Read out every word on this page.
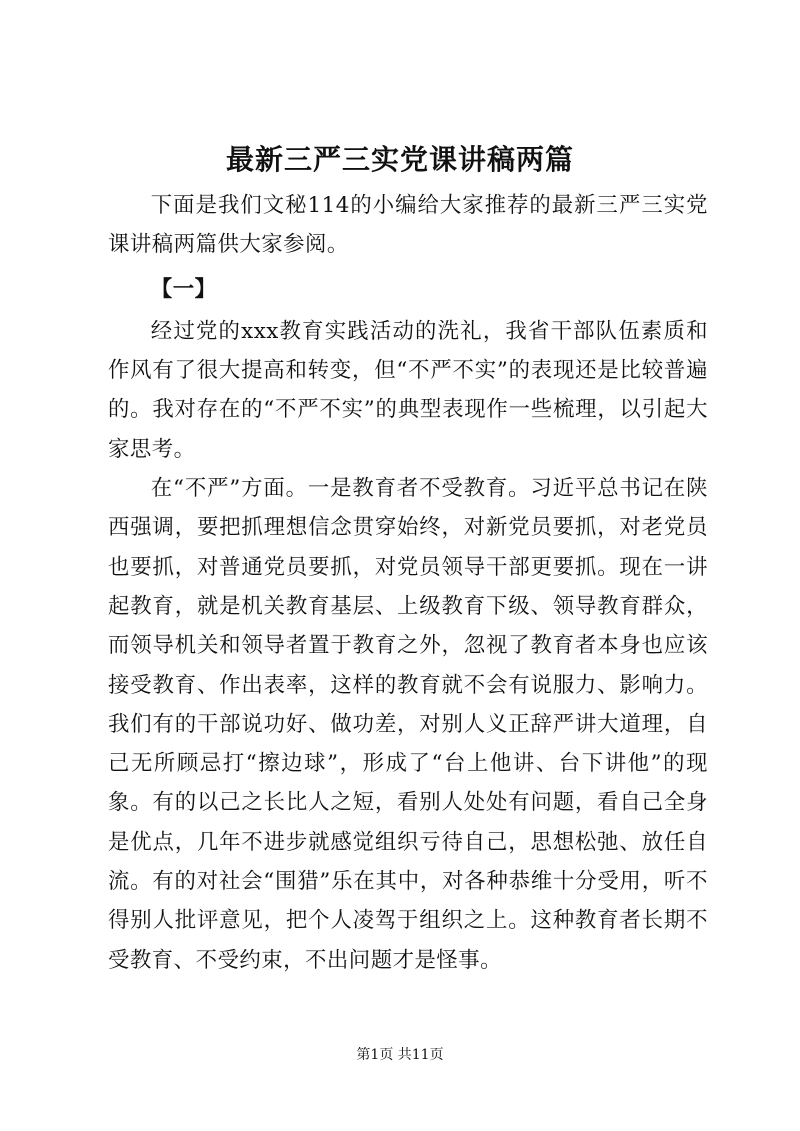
最新三严三实党课讲稿两篇

下面是我们文秘114的小编给大家推荐的最新三严三实党课讲稿两篇供大家参阅。

【一】

经过党的xxx教育实践活动的洗礼，我省干部队伍素质和作风有了很大提高和转变，但“不严不实”的表现还是比较普遍的。我对存在的“不严不实”的典型表现作一些梳理，以引起大家思考。

在“不严”方面。一是教育者不受教育。习近平总书记在陕西强调，要把抓理想信念贯穿始终，对新党员要抓，对老党员也要抓，对普通党员要抓，对党员领导干部更要抓。现在一讲起教育，就是机关教育基层、上级教育下级、领导教育群众，而领导机关和领导者置于教育之外，忽视了教育者本身也应该接受教育、作出表率，这样的教育就不会有说服力、影响力。我们有的干部说功好、做功差，对别人义正辞严讲大道理，自己无所顾忌打“擦边球”，形成了“台上他讲、台下讲他”的现象。有的以己之长比人之短，看别人处处有问题，看自己全身是优点，几年不进步就感觉组织亏待自己，思想松弛、放任自流。有的对社会“围猎”乐在其中，对各种恭维十分受用，听不得别人批评意见，把个人凌驾于组织之上。这种教育者长期不受教育、不受约束，不出问题才是怪事。

第1页 共11页
